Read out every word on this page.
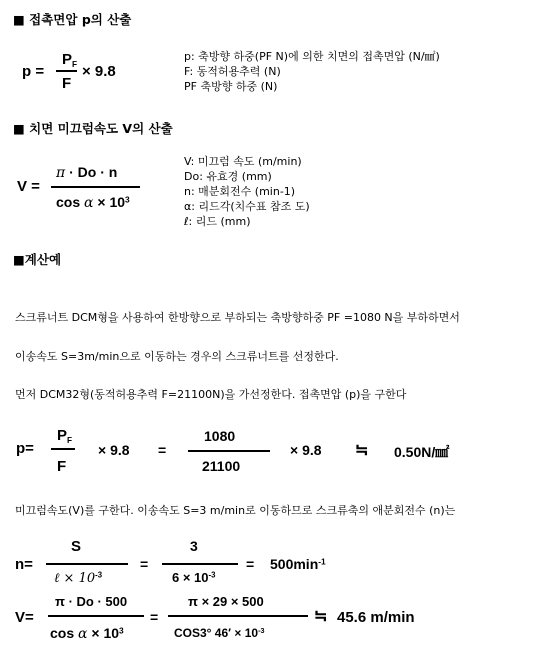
■ 접촉면압 p의 산출
p =
$P_F$
F
× 9.8
p: 축방향 하중(PF N)에 의한 치면의 접촉면압 (N/㎟)
F: 동적허용추력 (N)
PF 축방향 하중 (N)
■ 치면 미끄럼속도 V의 산출
V =
π · Do · n
$\cos \alpha \times 10^3$
V: 미끄럼 속도 (m/min)
Do: 유효경 (mm)
n: 매분회전수 (min-1)
α: 리드각(치수표 참조 도)
ℓ: 리드 (mm)
■계산예
스크류너트 DCM형을 사용하여 한방향으로 부하되는 축방향하중 PF =1080 N을 부하하면서
이송속도 S=3m/min으로 이동하는 경우의 스크류너트를 선정한다.
먼저 DCM32형(동적허용추력 F=21100N)을 가선정한다. 접촉면압 (p)을 구한다
p=
$P_F$
F
× 9.8 =
1080
21100
× 9.8 ≒ 0.50N/㎟
미끄럼속도(V)를 구한다. 이송속도 S=3 m/min로 이동하므로 스크류축의 애분회전수 (n)는
n=
S
ℓ × $10^{-3}$
=
3
$6 \times 10^{-3}$
= $500\min^{-1}$
V=
π · Do · 500
$\cos \alpha \times 10^3$
=
π × 29 × 500
COS3° $46' \times 10^{-3}$
≒ 45.6 m/min
